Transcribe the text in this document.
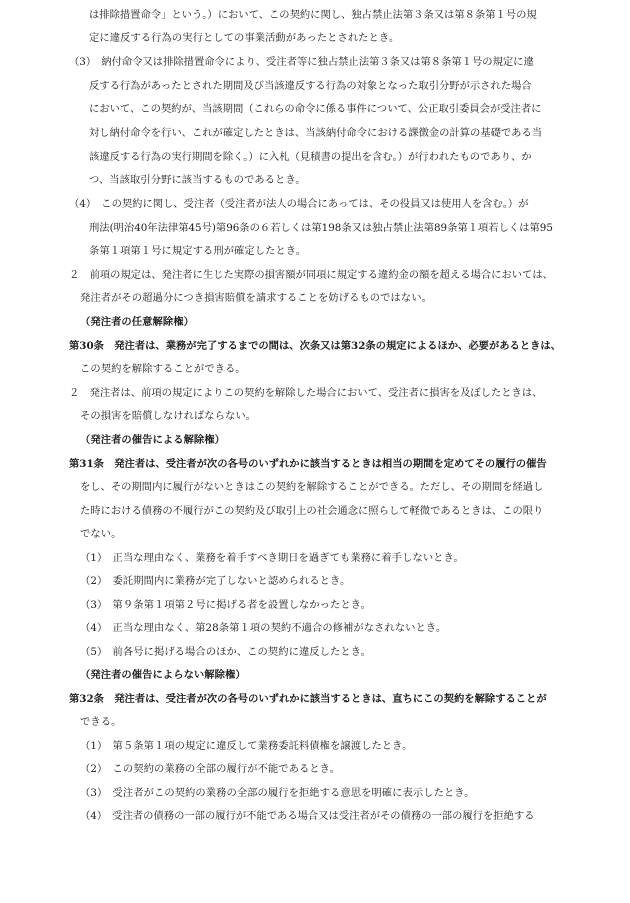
は排除措置命令」という。）において、この契約に関し、独占禁止法第３条又は第８条第１号の規
定に違反する行為の実行としての事業活動があったとされたとき。
（3）　納付命令又は排除措置命令により、受注者等に独占禁止法第３条又は第８条第１号の規定に違
反する行為があったとされた期間及び当該違反する行為の対象となった取引分野が示された場合
において、この契約が、当該期間（これらの命令に係る事件について、公正取引委員会が受注者に
対し納付命令を行い、これが確定したときは、当該納付命令における課徴金の計算の基礎である当
該違反する行為の実行期間を除く。）に入札（見積書の提出を含む。）が行われたものであり、か
つ、当該取引分野に該当するものであるとき。
（4）　この契約に関し、受注者（受注者が法人の場合にあっては、その役員又は使用人を含む。）が
刑法(明治40年法律第45号)第96条の６若しくは第198条又は独占禁止法第89条第１項若しくは第95
条第１項第１号に規定する刑が確定したとき。
２　前項の規定は、発注者に生じた実際の損害額が同項に規定する違約金の額を超える場合においては、
発注者がその超過分につき損害賠償を請求することを妨げるものではない。
（発注者の任意解除権）
第30条　発注者は、業務が完了するまでの間は、次条又は第32条の規定によるほか、必要があるときは、
この契約を解除することができる。
２　発注者は、前項の規定によりこの契約を解除した場合において、受注者に損害を及ぼしたときは、
その損害を賠償しなければならない。
（発注者の催告による解除権）
第31条　発注者は、受注者が次の各号のいずれかに該当するときは相当の期間を定めてその履行の催告
をし、その期間内に履行がないときはこの契約を解除することができる。ただし、その期間を経過し
た時における債務の不履行がこの契約及び取引上の社会通念に照らして軽微であるときは、この限り
でない。
（1）　正当な理由なく、業務を着手すべき期日を過ぎても業務に着手しないとき。
（2）　委託期間内に業務が完了しないと認められるとき。
（3）　第９条第１項第２号に掲げる者を設置しなかったとき。
（4）　正当な理由なく、第28条第１項の契約不適合の修補がなされないとき。
（5）　前各号に掲げる場合のほか、この契約に違反したとき。
（発注者の催告によらない解除権）
第32条　発注者は、受注者が次の各号のいずれかに該当するときは、直ちにこの契約を解除することが
できる。
（1）　第５条第１項の規定に違反して業務委託料債権を譲渡したとき。
（2）　この契約の業務の全部の履行が不能であるとき。
（3）　受注者がこの契約の業務の全部の履行を拒絶する意思を明確に表示したとき。
（4）　受注者の債務の一部の履行が不能である場合又は受注者がその債務の一部の履行を拒絶する
